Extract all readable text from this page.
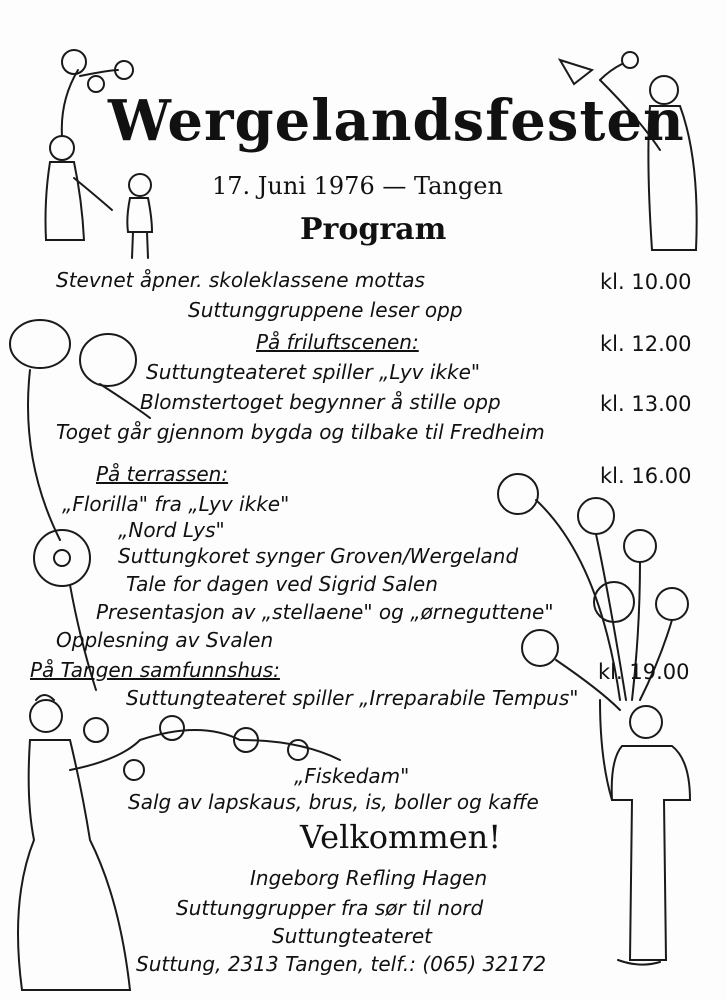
Wergelandsfesten
17. Juni 1976 — Tangen
Program
Stevnet åpner. skoleklassene mottas	kl. 10.00
Suttunggruppene leser opp
På friluftscenen:	kl. 12.00
Suttungteateret spiller „Lyv ikke"
Blomstertoget begynner å stille opp	kl. 13.00
Toget går gjennom bygda og tilbake til Fredheim
På terrassen:	kl. 16.00
„Florilla" fra „Lyv ikke"
„Nord Lys"
Suttungkoret synger Groven/Wergeland
Tale for dagen ved Sigrid Salen
Presentasjon av „stellaene" og „ørneguttene"
Opplesning av Svalen
På Tangen samfunnshus:	kl. 19.00
Suttungteateret spiller „Irreparabile Tempus"
„Fiskedam"
Salg av lapskaus, brus, is, boller og kaffe
Velkommen!
Ingeborg Refling Hagen
Suttunggrupper fra sør til nord
Suttungteateret
Suttung, 2313 Tangen, telf.: (065) 32172
